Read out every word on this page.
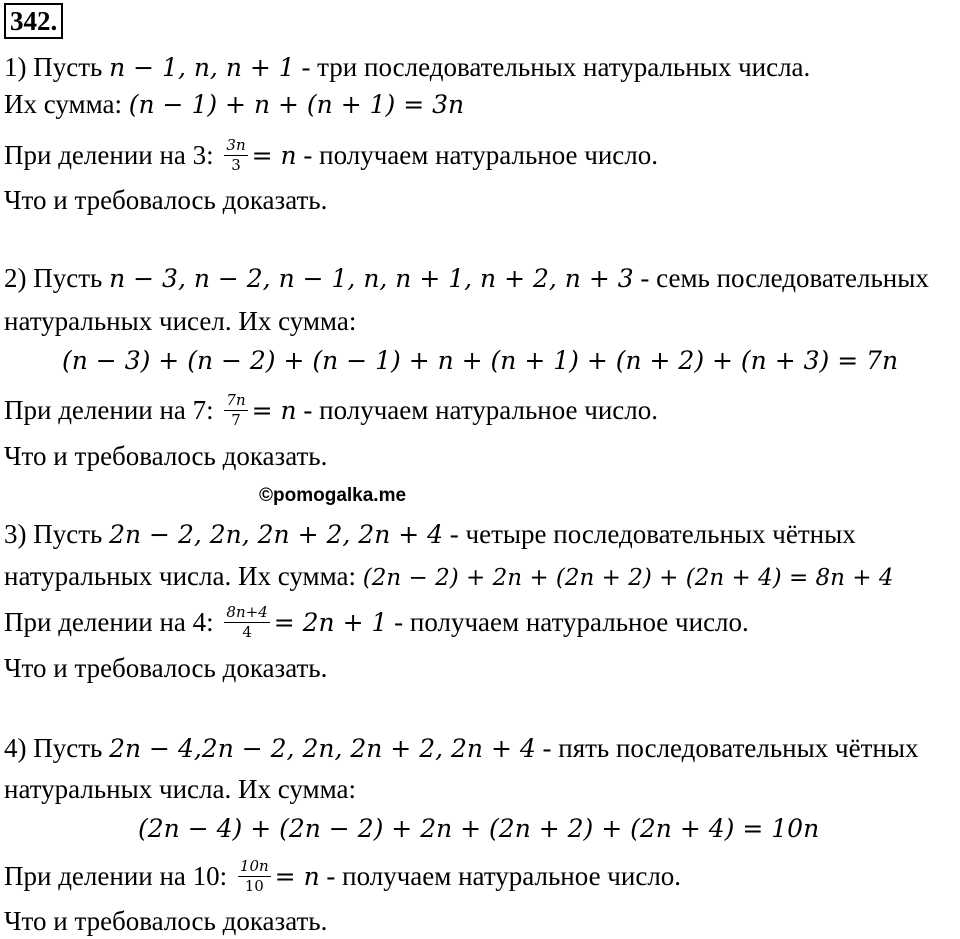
342.
1) Пусть n − 1, n, n + 1 - три последовательных натуральных числа.
Их сумма: (n − 1) + n + (n + 1) = 3n
При делении на 3: $\frac{3n}{3} = n$ - получаем натуральное число.
Что и требовалось доказать.
2) Пусть n − 3, n − 2, n − 1, n, n + 1, n + 2, n + 3 - семь последовательных
натуральных чисел. Их сумма:
(n − 3) + (n − 2) + (n − 1) + n + (n + 1) + (n + 2) + (n + 3) = 7n
При делении на 7: $\frac{7n}{7} = n$ - получаем натуральное число.
Что и требовалось доказать.
©pomogalka.me
3) Пусть 2n − 2, 2n, 2n + 2, 2n + 4 - четыре последовательных чётных
натуральных числа. Их сумма: (2n − 2) + 2n + (2n + 2) + (2n + 4) = 8n + 4
При делении на 4: $\frac{8n+4}{4} = 2n + 1$ - получаем натуральное число.
Что и требовалось доказать.
4) Пусть 2n − 4,2n − 2, 2n, 2n + 2, 2n + 4 - пять последовательных чётных
натуральных числа. Их сумма:
(2n − 4) + (2n − 2) + 2n + (2n + 2) + (2n + 4) = 10n
При делении на 10: $\frac{10n}{10} = n$ - получаем натуральное число.
Что и требовалось доказать.
